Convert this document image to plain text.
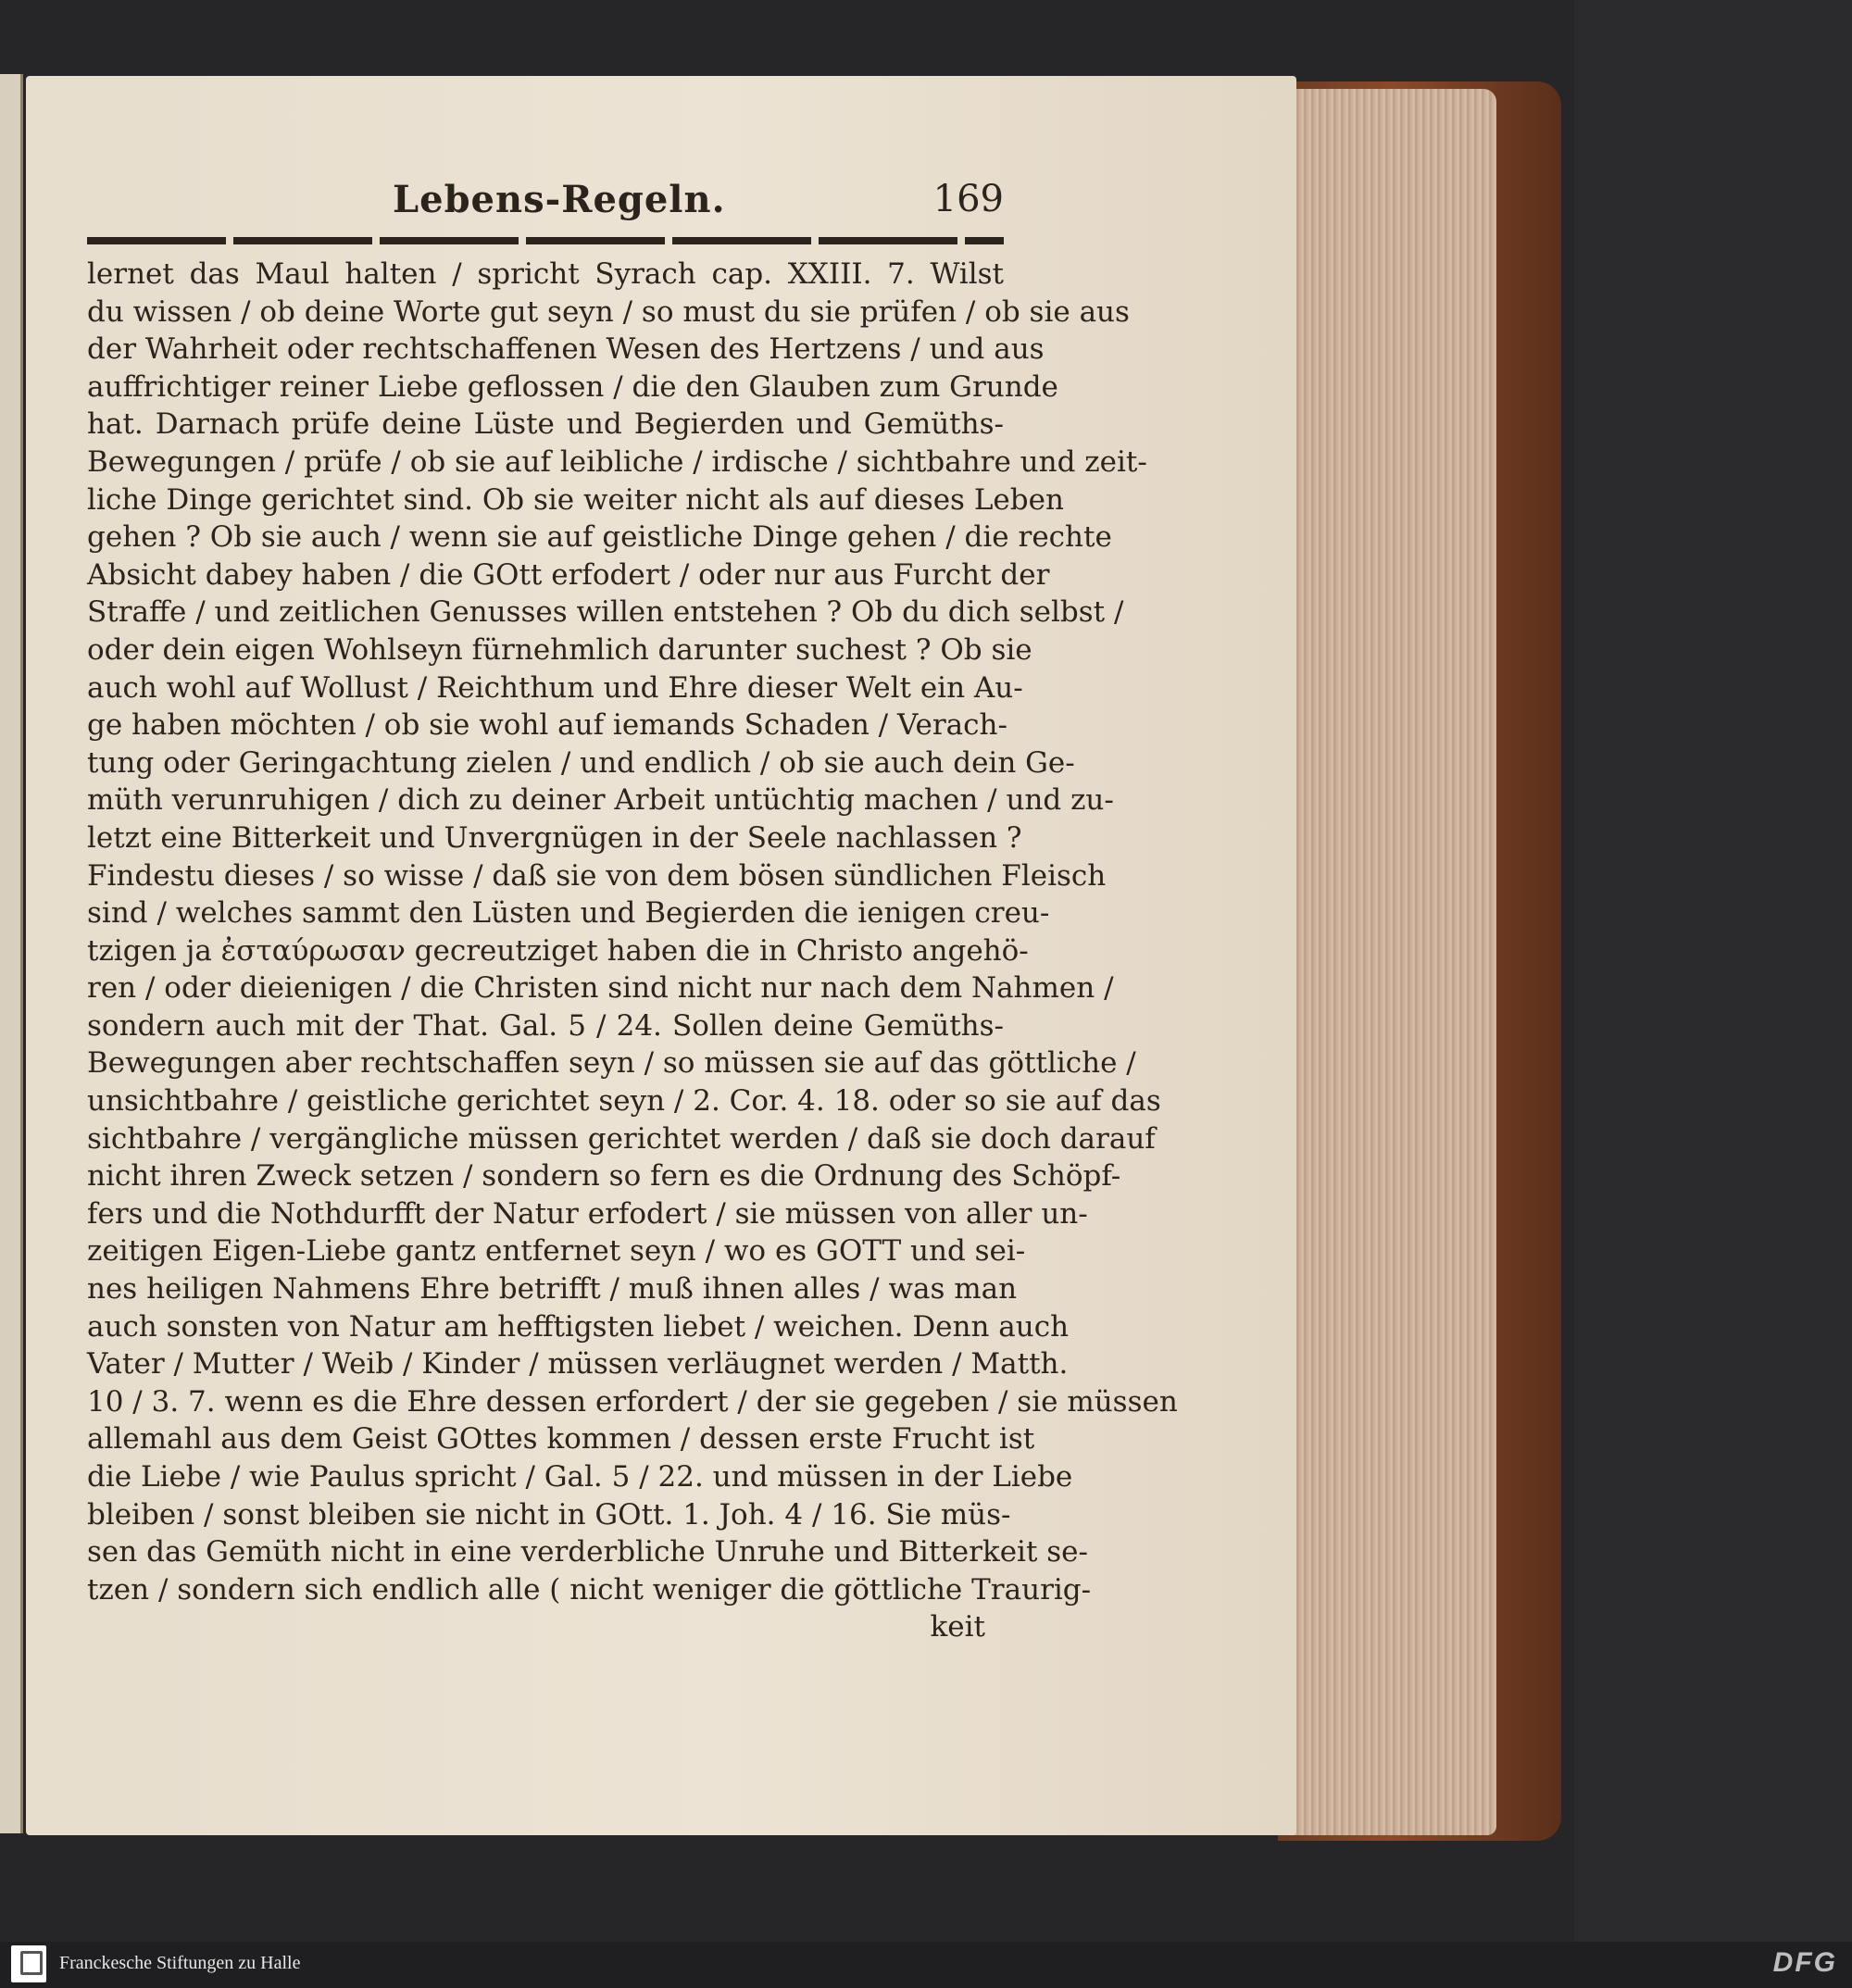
Lebens-Regeln.	169
lernet das Maul halten / spricht Syrach cap. XXIII. 7. Wilst
du wissen / ob deine Worte gut seyn / so must du sie prüfen / ob sie aus
der Wahrheit oder rechtschaffenen Wesen des Hertzens / und aus
auffrichtiger reiner Liebe geflossen / die den Glauben zum Grunde
hat. Darnach prüfe deine Lüste und Begierden und Gemüths-
Bewegungen / prüfe / ob sie auf leibliche / irdische / sichtbahre und zeit-
liche Dinge gerichtet sind. Ob sie weiter nicht als auf dieses Leben
gehen ? Ob sie auch / wenn sie auf geistliche Dinge gehen / die rechte
Absicht dabey haben / die GOtt erfodert / oder nur aus Furcht der
Straffe / und zeitlichen Genusses willen entstehen ? Ob du dich selbst /
oder dein eigen Wohlseyn fürnehmlich darunter suchest ? Ob sie
auch wohl auf Wollust / Reichthum und Ehre dieser Welt ein Au-
ge haben möchten / ob sie wohl auf iemands Schaden / Verach-
tung oder Geringachtung zielen / und endlich / ob sie auch dein Ge-
müth verunruhigen / dich zu deiner Arbeit untüchtig machen / und zu-
letzt eine Bitterkeit und Unvergnügen in der Seele nachlassen ?
Findestu dieses / so wisse / daß sie von dem bösen sündlichen Fleisch
sind / welches sammt den Lüsten und Begierden die ienigen creu-
tzigen ja ἐσταύρωσαν gecreutziget haben die in Christo angehö-
ren / oder dieienigen / die Christen sind nicht nur nach dem Nahmen /
sondern auch mit der That. Gal. 5 / 24. Sollen deine Gemüths-
Bewegungen aber rechtschaffen seyn / so müssen sie auf das göttliche /
unsichtbahre / geistliche gerichtet seyn / 2. Cor. 4. 18. oder so sie auf das
sichtbahre / vergängliche müssen gerichtet werden / daß sie doch darauf
nicht ihren Zweck setzen / sondern so fern es die Ordnung des Schöpf-
fers und die Nothdurfft der Natur erfodert / sie müssen von aller un-
zeitigen Eigen-Liebe gantz entfernet seyn / wo es GOTT und sei-
nes heiligen Nahmens Ehre betrifft / muß ihnen alles / was man
auch sonsten von Natur am hefftigsten liebet / weichen. Denn auch
Vater / Mutter / Weib / Kinder / müssen verläugnet werden / Matth.
10 / 3. 7. wenn es die Ehre dessen erfordert / der sie gegeben / sie müssen
allemahl aus dem Geist GOttes kommen / dessen erste Frucht ist
die Liebe / wie Paulus spricht / Gal. 5 / 22. und müssen in der Liebe
bleiben / sonst bleiben sie nicht in GOtt. 1. Joh. 4 / 16. Sie müs-
sen das Gemüth nicht in eine verderbliche Unruhe und Bitterkeit se-
tzen / sondern sich endlich alle ( nicht weniger die göttliche Traurig-
keit
Franckesche Stiftungen zu Halle	DFG
